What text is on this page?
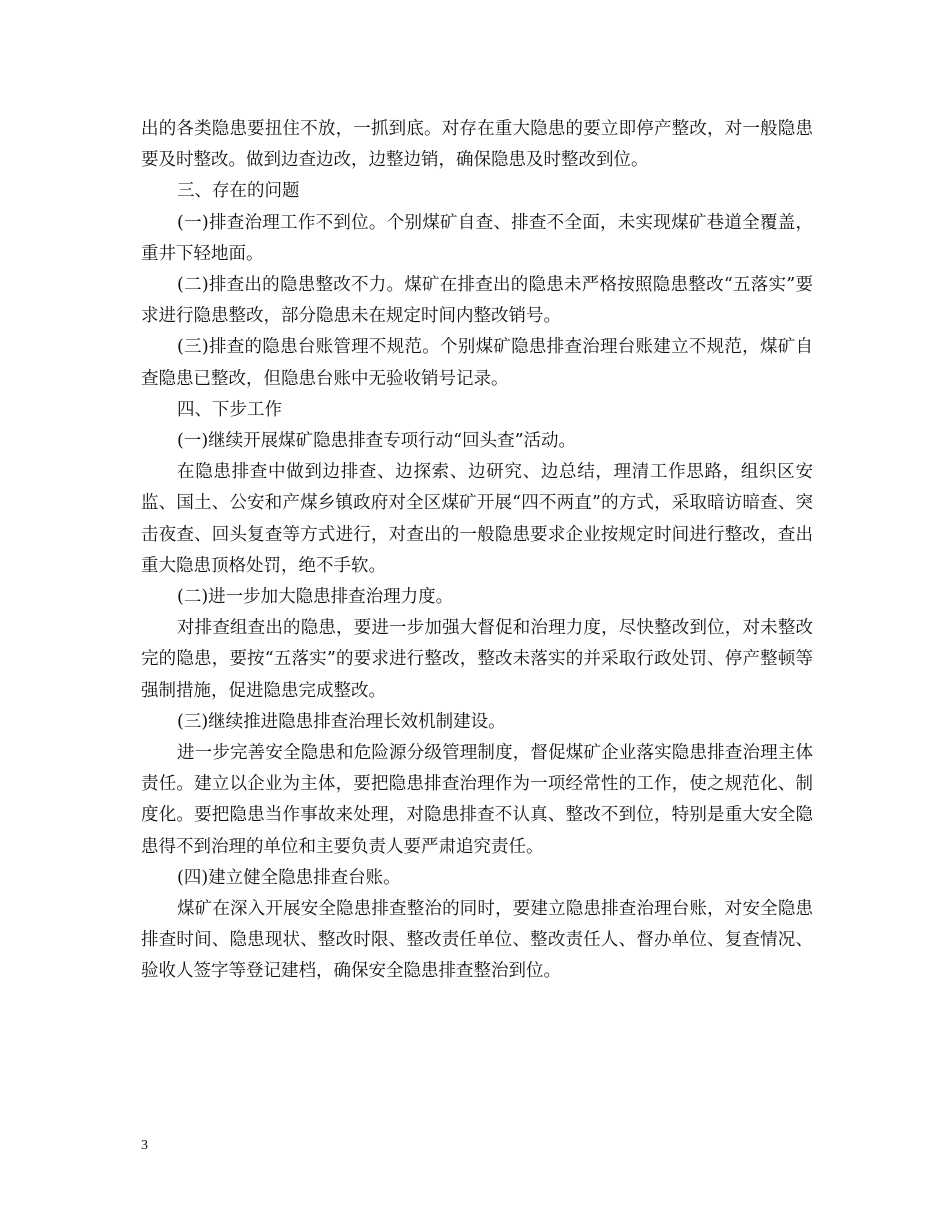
出的各类隐患要扭住不放，一抓到底。对存在重大隐患的要立即停产整改，对一般隐患要及时整改。做到边查边改，边整边销，确保隐患及时整改到位。

三、存在的问题

(一)排查治理工作不到位。个别煤矿自查、排查不全面，未实现煤矿巷道全覆盖，重井下轻地面。

(二)排查出的隐患整改不力。煤矿在排查出的隐患未严格按照隐患整改“五落实”要求进行隐患整改，部分隐患未在规定时间内整改销号。

(三)排查的隐患台账管理不规范。个别煤矿隐患排查治理台账建立不规范，煤矿自查隐患已整改，但隐患台账中无验收销号记录。

四、下步工作

(一)继续开展煤矿隐患排查专项行动“回头查”活动。

在隐患排查中做到边排查、边探索、边研究、边总结，理清工作思路，组织区安监、国土、公安和产煤乡镇政府对全区煤矿开展“四不两直”的方式，采取暗访暗查、突击夜查、回头复查等方式进行，对查出的一般隐患要求企业按规定时间进行整改，查出重大隐患顶格处罚，绝不手软。

(二)进一步加大隐患排查治理力度。

对排查组查出的隐患，要进一步加强大督促和治理力度，尽快整改到位，对未整改完的隐患，要按“五落实”的要求进行整改，整改未落实的并采取行政处罚、停产整顿等强制措施，促进隐患完成整改。

(三)继续推进隐患排查治理长效机制建设。

进一步完善安全隐患和危险源分级管理制度，督促煤矿企业落实隐患排查治理主体责任。建立以企业为主体，要把隐患排查治理作为一项经常性的工作，使之规范化、制度化。要把隐患当作事故来处理，对隐患排查不认真、整改不到位，特别是重大安全隐患得不到治理的单位和主要负责人要严肃追究责任。

(四)建立健全隐患排查台账。

煤矿在深入开展安全隐患排查整治的同时，要建立隐患排查治理台账，对安全隐患排查时间、隐患现状、整改时限、整改责任单位、整改责任人、督办单位、复查情况、验收人签字等登记建档，确保安全隐患排查整治到位。

3
